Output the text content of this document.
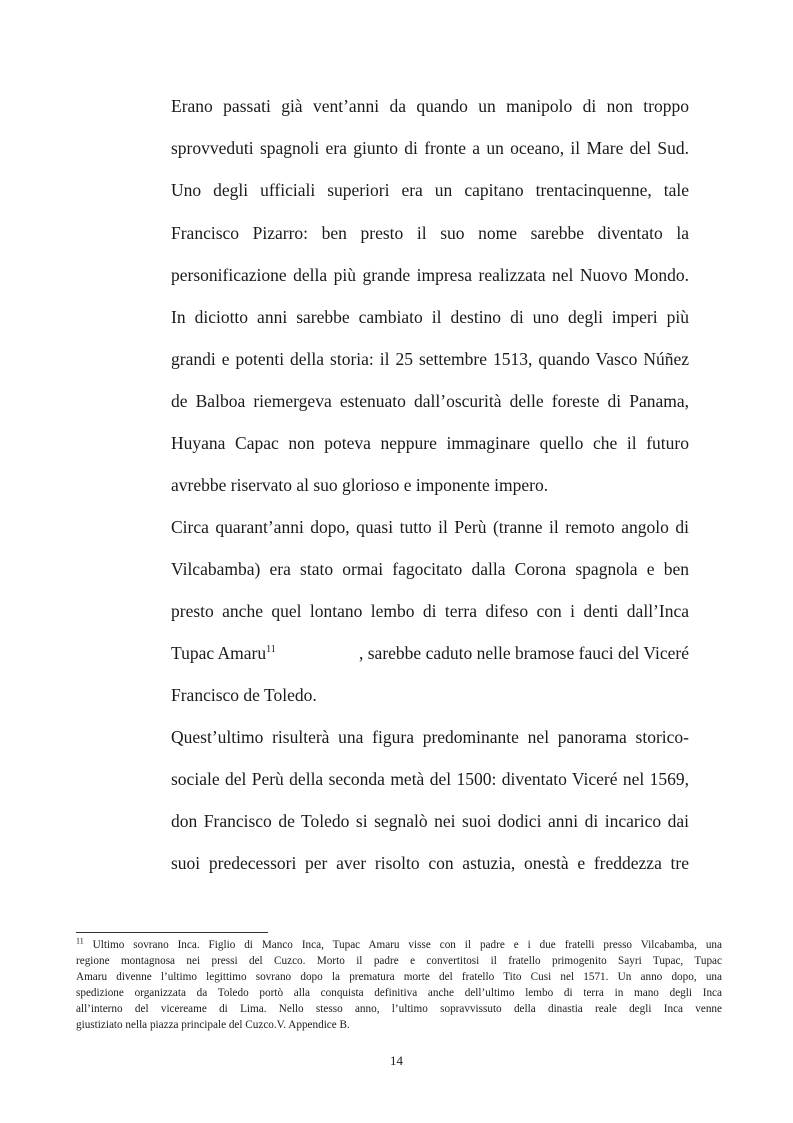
Erano passati già vent’anni da quando un manipolo di non troppo
sprovveduti spagnoli era giunto di fronte a un oceano, il Mare del Sud.
Uno degli ufficiali superiori era un capitano trentacinquenne, tale
Francisco Pizarro: ben presto il suo nome sarebbe diventato la
personificazione della più grande impresa realizzata nel Nuovo Mondo.
In diciotto anni sarebbe cambiato il destino di uno degli imperi più
grandi e potenti della storia: il 25 settembre 1513, quando Vasco Núñez
de Balboa riemergeva estenuato dall’oscurità delle foreste di Panama,
Huyana Capac non poteva neppure immaginare quello che il futuro
avrebbe riservato al suo glorioso e imponente impero.
Circa quarant’anni dopo, quasi tutto il Perù (tranne il remoto angolo di
Vilcabamba) era stato ormai fagocitato dalla Corona spagnola e ben
presto anche quel lontano lembo di terra difeso con i denti dall’Inca
Tupac Amaru$^{11}$	, sarebbe caduto nelle bramose fauci del Viceré
Francisco de Toledo.
Quest’ultimo risulterà una figura predominante nel panorama storico-
sociale del Perù della seconda metà del 1500: diventato Viceré nel 1569,
don Francisco de Toledo si segnalò nei suoi dodici anni di incarico dai
suoi predecessori per aver risolto con astuzia, onestà e freddezza tre
$^{11}$ Ultimo sovrano Inca. Figlio di Manco Inca, Tupac Amaru visse con il padre e i due fratelli presso Vilcabamba, una
regione montagnosa nei pressi del Cuzco. Morto il padre e convertitosi il fratello primogenito Sayri Tupac, Tupac
Amaru divenne l’ultimo legittimo sovrano dopo la prematura morte del fratello Tito Cusi nel 1571. Un anno dopo, una
spedizione organizzata da Toledo portò alla conquista definitiva anche dell’ultimo lembo di terra in mano degli Inca
all’interno del vicereame di Lima. Nello stesso anno, l’ultimo sopravvissuto della dinastia reale degli Inca venne
giustiziato nella piazza principale del Cuzco.V. Appendice B.
14
